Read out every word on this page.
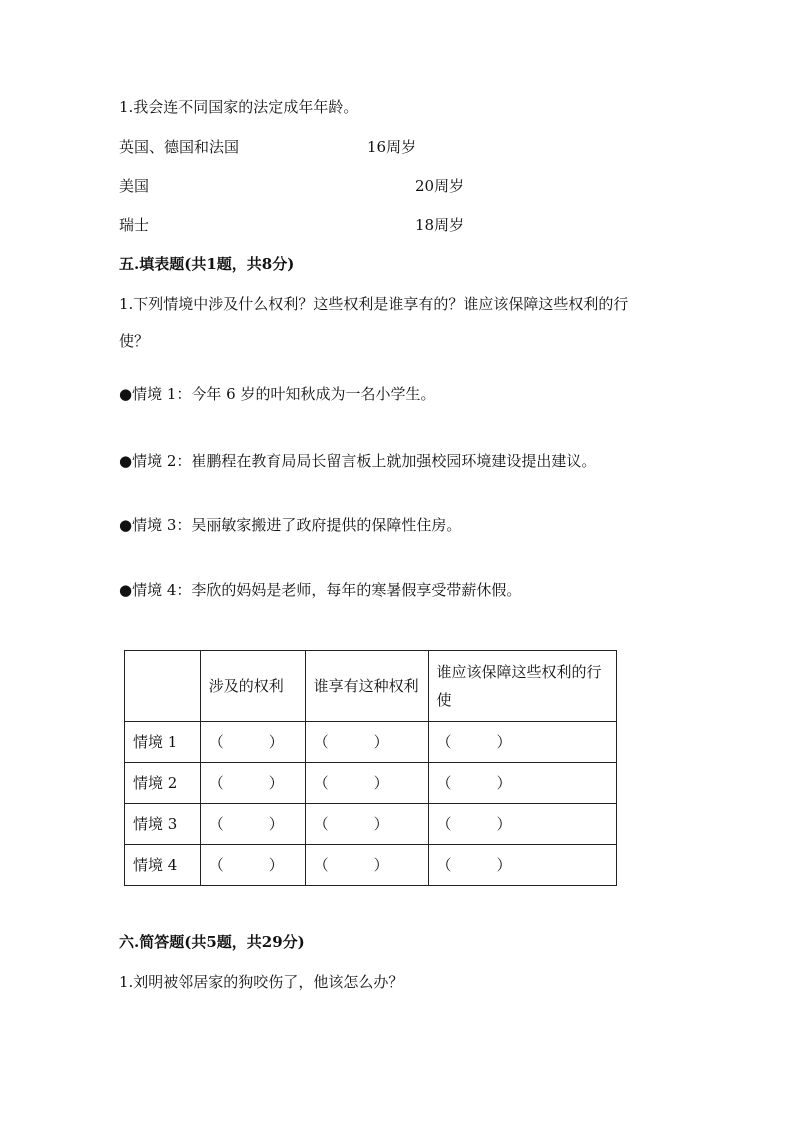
1.我会连不同国家的法定成年年龄。
英国、德国和法国	16周岁
美国	20周岁
瑞士	18周岁
五.填表题(共1题，共8分)
1.下列情境中涉及什么权利？这些权利是谁享有的？谁应该保障这些权利的行
使？
●情境 1：今年 6 岁的叶知秋成为一名小学生。
●情境 2：崔鹏程在教育局局长留言板上就加强校园环境建设提出建议。
●情境 3：吴丽敏家搬进了政府提供的保障性住房。
●情境 4：李欣的妈妈是老师，每年的寒暑假享受带薪休假。
	涉及的权利	谁享有这种权利	谁应该保障这些权利的行使
情境 1	（　　　）	（　　　）	（　　　）
情境 2	（　　　）	（　　　）	（　　　）
情境 3	（　　　）	（　　　）	（　　　）
情境 4	（　　　）	（　　　）	（　　　）
六.简答题(共5题，共29分)
1.刘明被邻居家的狗咬伤了，他该怎么办？
